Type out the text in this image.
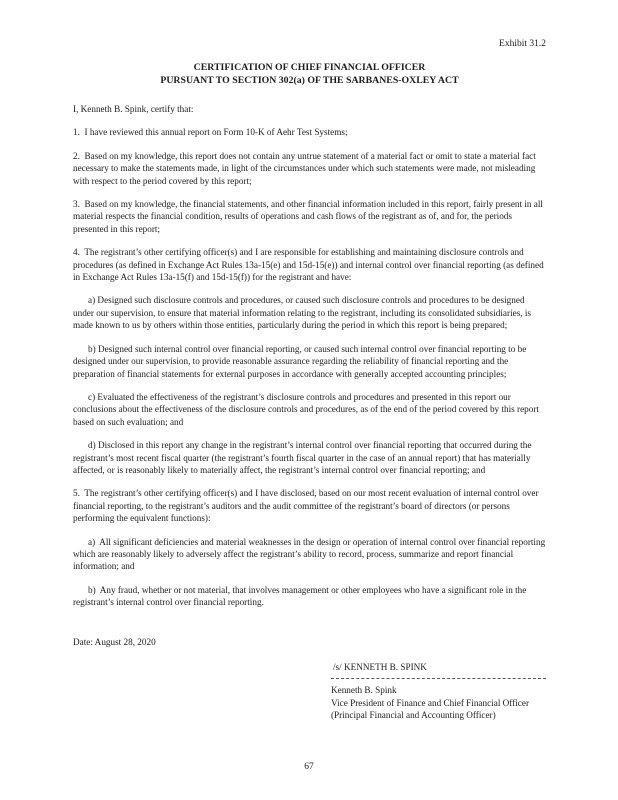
Exhibit 31.2
CERTIFICATION OF CHIEF FINANCIAL OFFICER
PURSUANT TO SECTION 302(a) OF THE SARBANES-OXLEY ACT

I, Kenneth B. Spink, certify that:

1.  I have reviewed this annual report on Form 10-K of Aehr Test Systems;

2.  Based on my knowledge, this report does not contain any untrue statement of a material fact or omit to state a material fact necessary to make the statements made, in light of the circumstances under which such statements were made, not misleading with respect to the period covered by this report;

3.  Based on my knowledge, the financial statements, and other financial information included in this report, fairly present in all material respects the financial condition, results of operations and cash flows of the registrant as of, and for, the periods presented in this report;

4.  The registrant’s other certifying officer(s) and I are responsible for establishing and maintaining disclosure controls and procedures (as defined in Exchange Act Rules 13a-15(e) and 15d-15(e)) and internal control over financial reporting (as defined in Exchange Act Rules 13a-15(f) and 15d-15(f)) for the registrant and have:

a) Designed such disclosure controls and procedures, or caused such disclosure controls and procedures to be designed under our supervision, to ensure that material information relating to the registrant, including its consolidated subsidiaries, is made known to us by others within those entities, particularly during the period in which this report is being prepared;

b) Designed such internal control over financial reporting, or caused such internal control over financial reporting to be designed under our supervision, to provide reasonable assurance regarding the reliability of financial reporting and the preparation of financial statements for external purposes in accordance with generally accepted accounting principles;

c) Evaluated the effectiveness of the registrant’s disclosure controls and procedures and presented in this report our conclusions about the effectiveness of the disclosure controls and procedures, as of the end of the period covered by this report based on such evaluation; and

d) Disclosed in this report any change in the registrant’s internal control over financial reporting that occurred during the registrant’s most recent fiscal quarter (the registrant’s fourth fiscal quarter in the case of an annual report) that has materially affected, or is reasonably likely to materially affect, the registrant’s internal control over financial reporting; and

5.  The registrant’s other certifying officer(s) and I have disclosed, based on our most recent evaluation of internal control over financial reporting, to the registrant’s auditors and the audit committee of the registrant’s board of directors (or persons performing the equivalent functions):

a)  All significant deficiencies and material weaknesses in the design or operation of internal control over financial reporting which are reasonably likely to adversely affect the registrant’s ability to record, process, summarize and report financial information; and

b)  Any fraud, whether or not material, that involves management or other employees who have a significant role in the registrant’s internal control over financial reporting.

Date: August 28, 2020
/s/ KENNETH B. SPINK
Kenneth B. Spink
Vice President of Finance and Chief Financial Officer
(Principal Financial and Accounting Officer)
67
